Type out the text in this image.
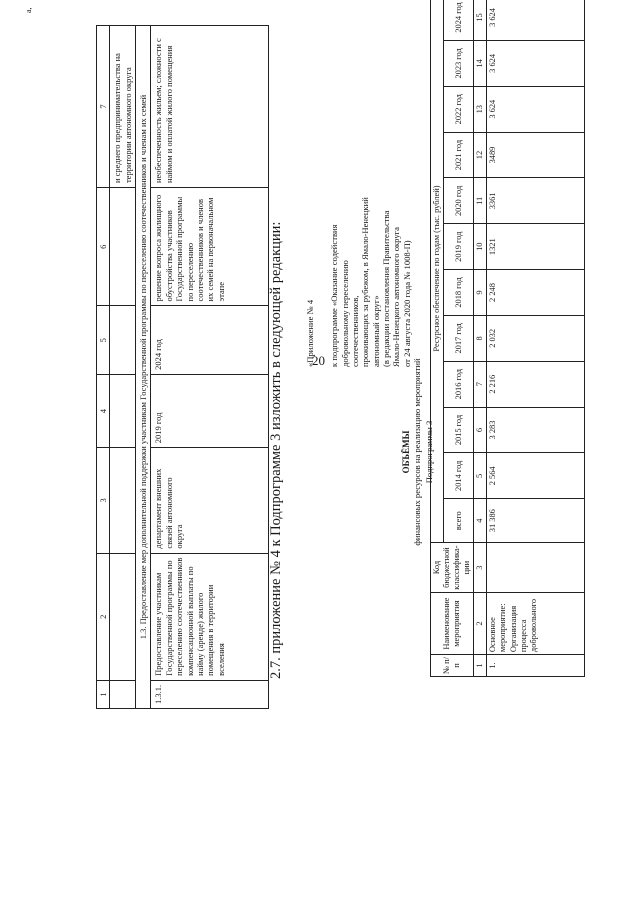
20
1	2	3	4	5	6	7
						и среднего предпринимательства на территории автономного округа
1.3. Предоставление мер дополнительной поддержки участникам Государственной программы по переселению соотечественников и членам их семей						
1.3.1.	Предоставление участникам Государственной программы по переселению соотечественников компенсационной выплаты по найму (аренде) жилого помещения в территории вселения	департамент внешних связей автономного округа	2019 год	2024 год	решение вопроса жилищного обустройства участников Государственной программы по переселению соотечественников и членов их семей на первоначальном этапе	необеспеченность жильем; сложности с наймом и оплатой жилого помещения
2.7. приложение № 4 к Подпрограмме 3 изложить в следующей редакции: «Приложение № 4 к подпрограмме «Оказание содействия добровольному переселению соотечественников, проживающих за рубежом, в Ямало-Ненецкий автономный округ» (в редакции постановления Правительства Ямало-Ненецкого автономного округа от 24 августа 2020 года № 1008-П)

ОБЪЁМЫ финансовых ресурсов на реализацию мероприятий Подпрограммы 3
№ п/п	Наименование мероприятия	Код бюджетной классифика-ции	Ресурсное обеспечение по годам (тыс. рублей)											
			всего	2014 год	2015 год	2016 год	2017 год	2018 год	2019 год	2020 год	2021 год	2022 год	2023 год	2024 год
1	2	3	4	5	6	7	8	9	10	11	12	13	14	15
1.	Основное мероприятие: Организация процесса добровольного		31 386	2 564	3 283	2 216	2 032	2 248	1321	3361	3489	3 624	3 624	3 624
а,
